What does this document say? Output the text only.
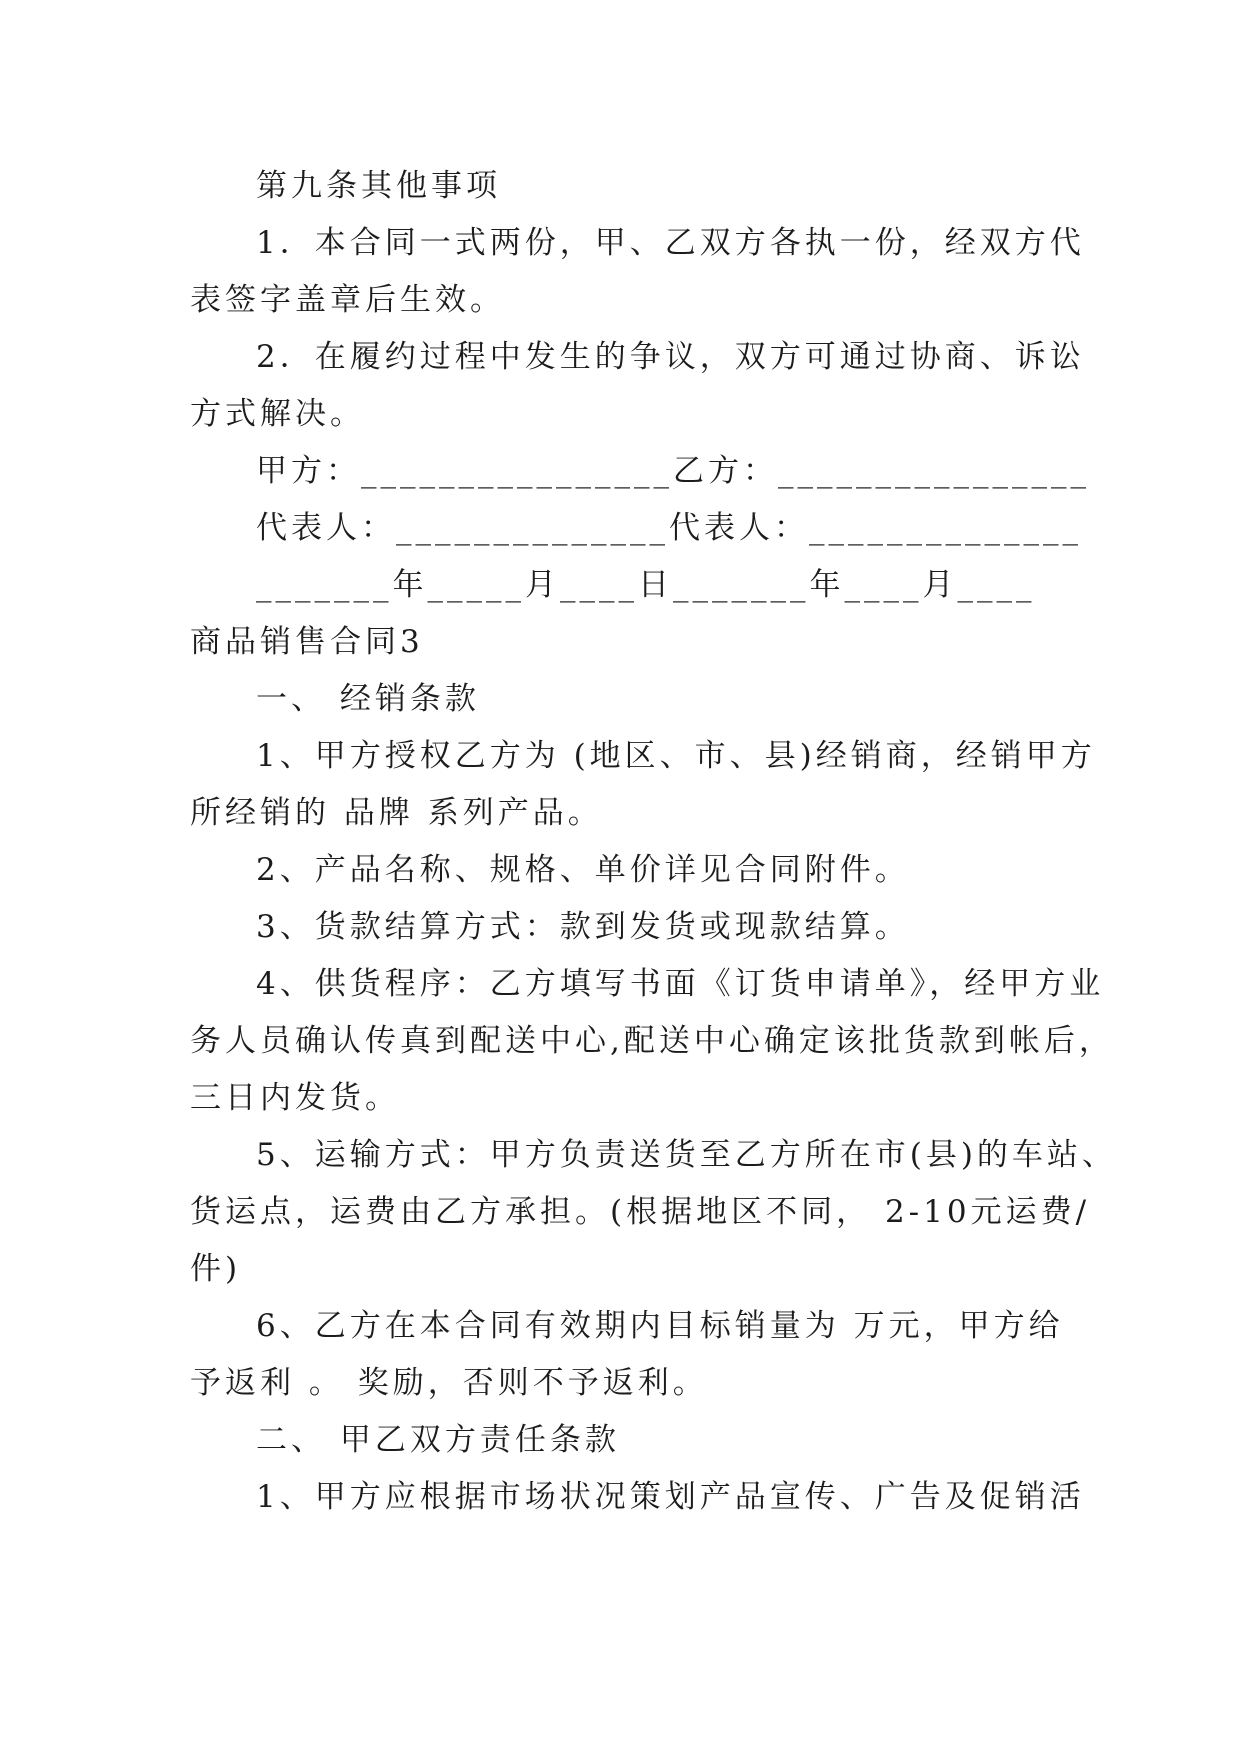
第九条其他事项
1．本合同一式两份，甲、乙双方各执一份，经双方代
表签字盖章后生效。
2．在履约过程中发生的争议，双方可通过协商、诉讼
方式解决。
甲方：________________乙方：________________
代表人：______________代表人：______________
_______年_____月____日_______年____月____
商品销售合同3
一、 经销条款
1、甲方授权乙方为 (地区、市、县)经销商，经销甲方
所经销的 品牌 系列产品。
2、产品名称、规格、单价详见合同附件。
3、货款结算方式：款到发货或现款结算。
4、供货程序：乙方填写书面《订货申请单》，经甲方业
务人员确认传真到配送中心,配送中心确定该批货款到帐后，
三日内发货。
5、运输方式：甲方负责送货至乙方所在市(县)的车站、
货运点，运费由乙方承担。(根据地区不同， 2-10元运费/
件)
6、乙方在本合同有效期内目标销量为 万元，甲方给
予返利 。 奖励，否则不予返利。
二、 甲乙双方责任条款
1、甲方应根据市场状况策划产品宣传、广告及促销活
